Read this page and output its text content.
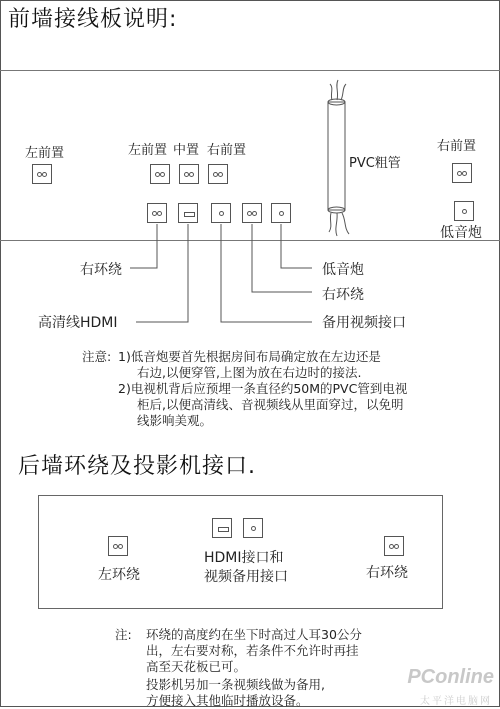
前墙接线板说明:
左前置	左前置 中置 右前置
PVC粗管
右前置
低音炮
右环绕
高清线HDMI
低音炮
右环绕
备用视频接口
注意: 1)低音炮要首先根据房间布局确定放在左边还是
右边,以便穿管,上图为放在右边时的接法.
2)电视机背后应预埋一条直径约50M的PVC管到电视
柜后,以便高清线、音视频线从里面穿过，以免明
线影响美观。
后墙环绕及投影机接口.
左环绕
HDMI接口和
视频备用接口	右环绕
注: 环绕的高度约在坐下时高过人耳30公分
出，左右要对称，若条件不允许时再挂
高至天花板已可。
投影机另加一条视频线做为备用,
方便接入其他临时播放设备。
PConline
太平洋电脑网
